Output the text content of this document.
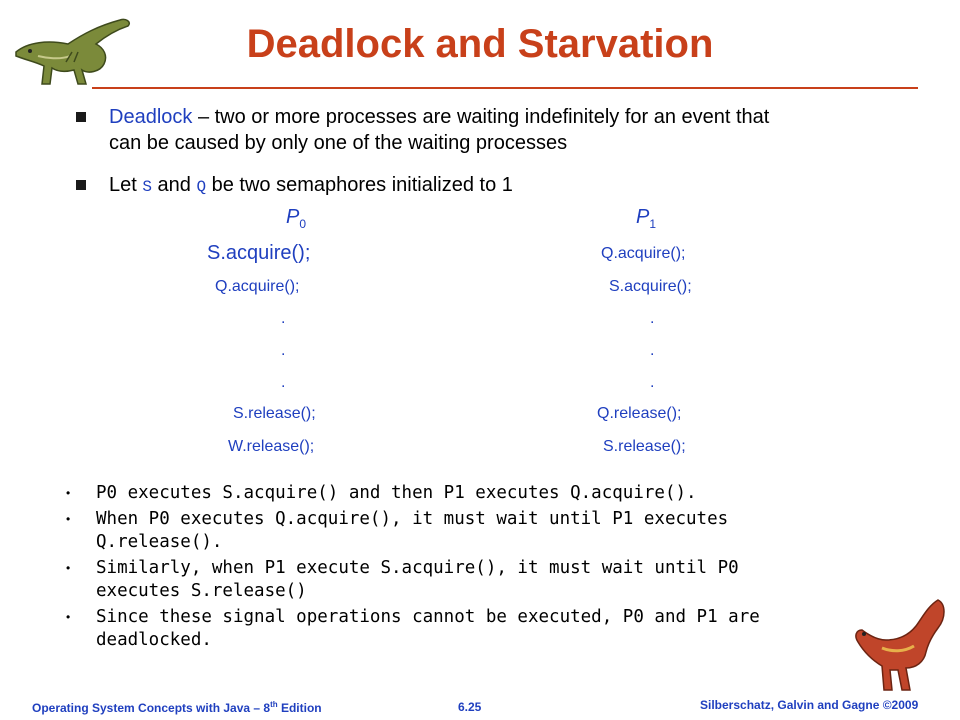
Deadlock and Starvation
Deadlock – two or more processes are waiting indefinitely for an event that
can be caused by only one of the waiting processes
Let S and Q be two semaphores initialized to 1
$P_0$
S.acquire();
Q.acquire();
.
.
.
S.release();
W.release();
$P_1$
Q.acquire();
S.acquire();
.
.
.
Q.release();
S.release();
• P0 executes S.acquire() and then P1 executes Q.acquire().
• When P0 executes Q.acquire(), it must wait until P1 executes
Q.release().
• Similarly, when P1 execute S.acquire(), it must wait until P0
executes S.release()
• Since these signal operations cannot be executed, P0 and P1 are
deadlocked.
Operating System Concepts with Java – 8th Edition	6.25	Silberschatz, Galvin and Gagne ©2009
